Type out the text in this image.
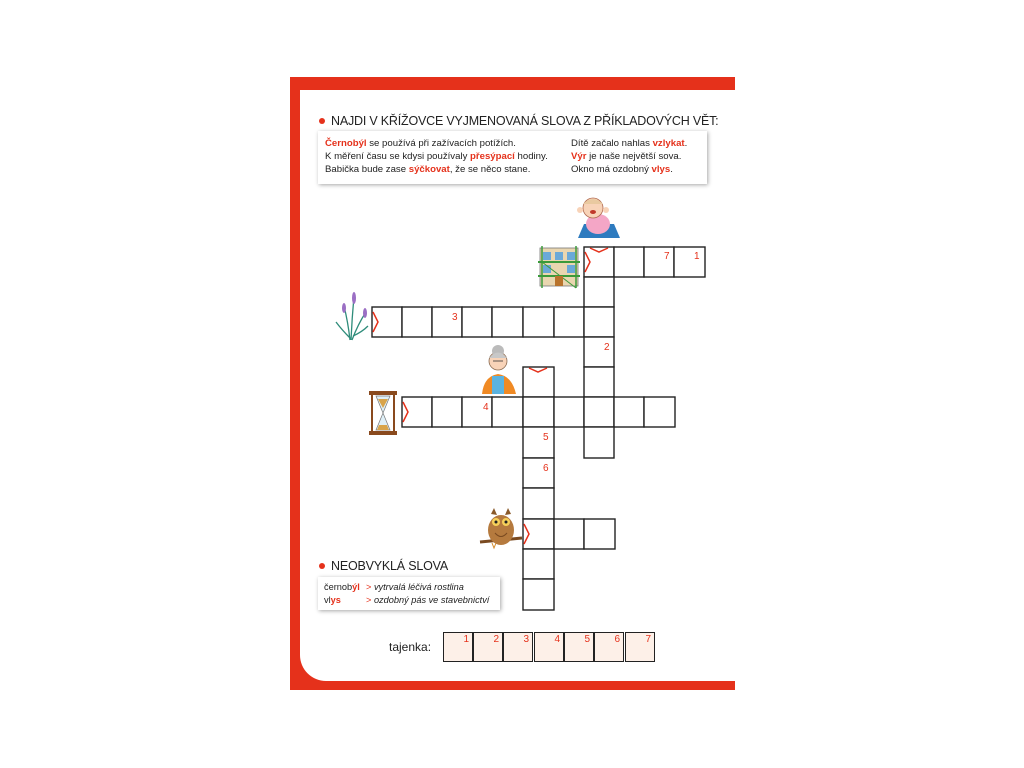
NAJDI V KŘÍŽOVCE VYJMENOVANÁ SLOVA Z PŘÍKLADOVÝCH VĚT:
Černobýl se používá při zažívacích potížích.
K měření času se kdysi používaly přesýpací hodiny.
Babička bude zase sýčkovat, že se něco stane.
Dítě začalo nahlas vzlykat.
Výr je naše největší sova.
Okno má ozdobný vlys.
1
7
3
2
4
5
6
NEOBVYKLÁ SLOVA
černobýl > vytrvalá léčivá rostlina
vlys	> ozdobný pás ve stavebnictví
tajenka:
1 2 3	4 5 6	7
